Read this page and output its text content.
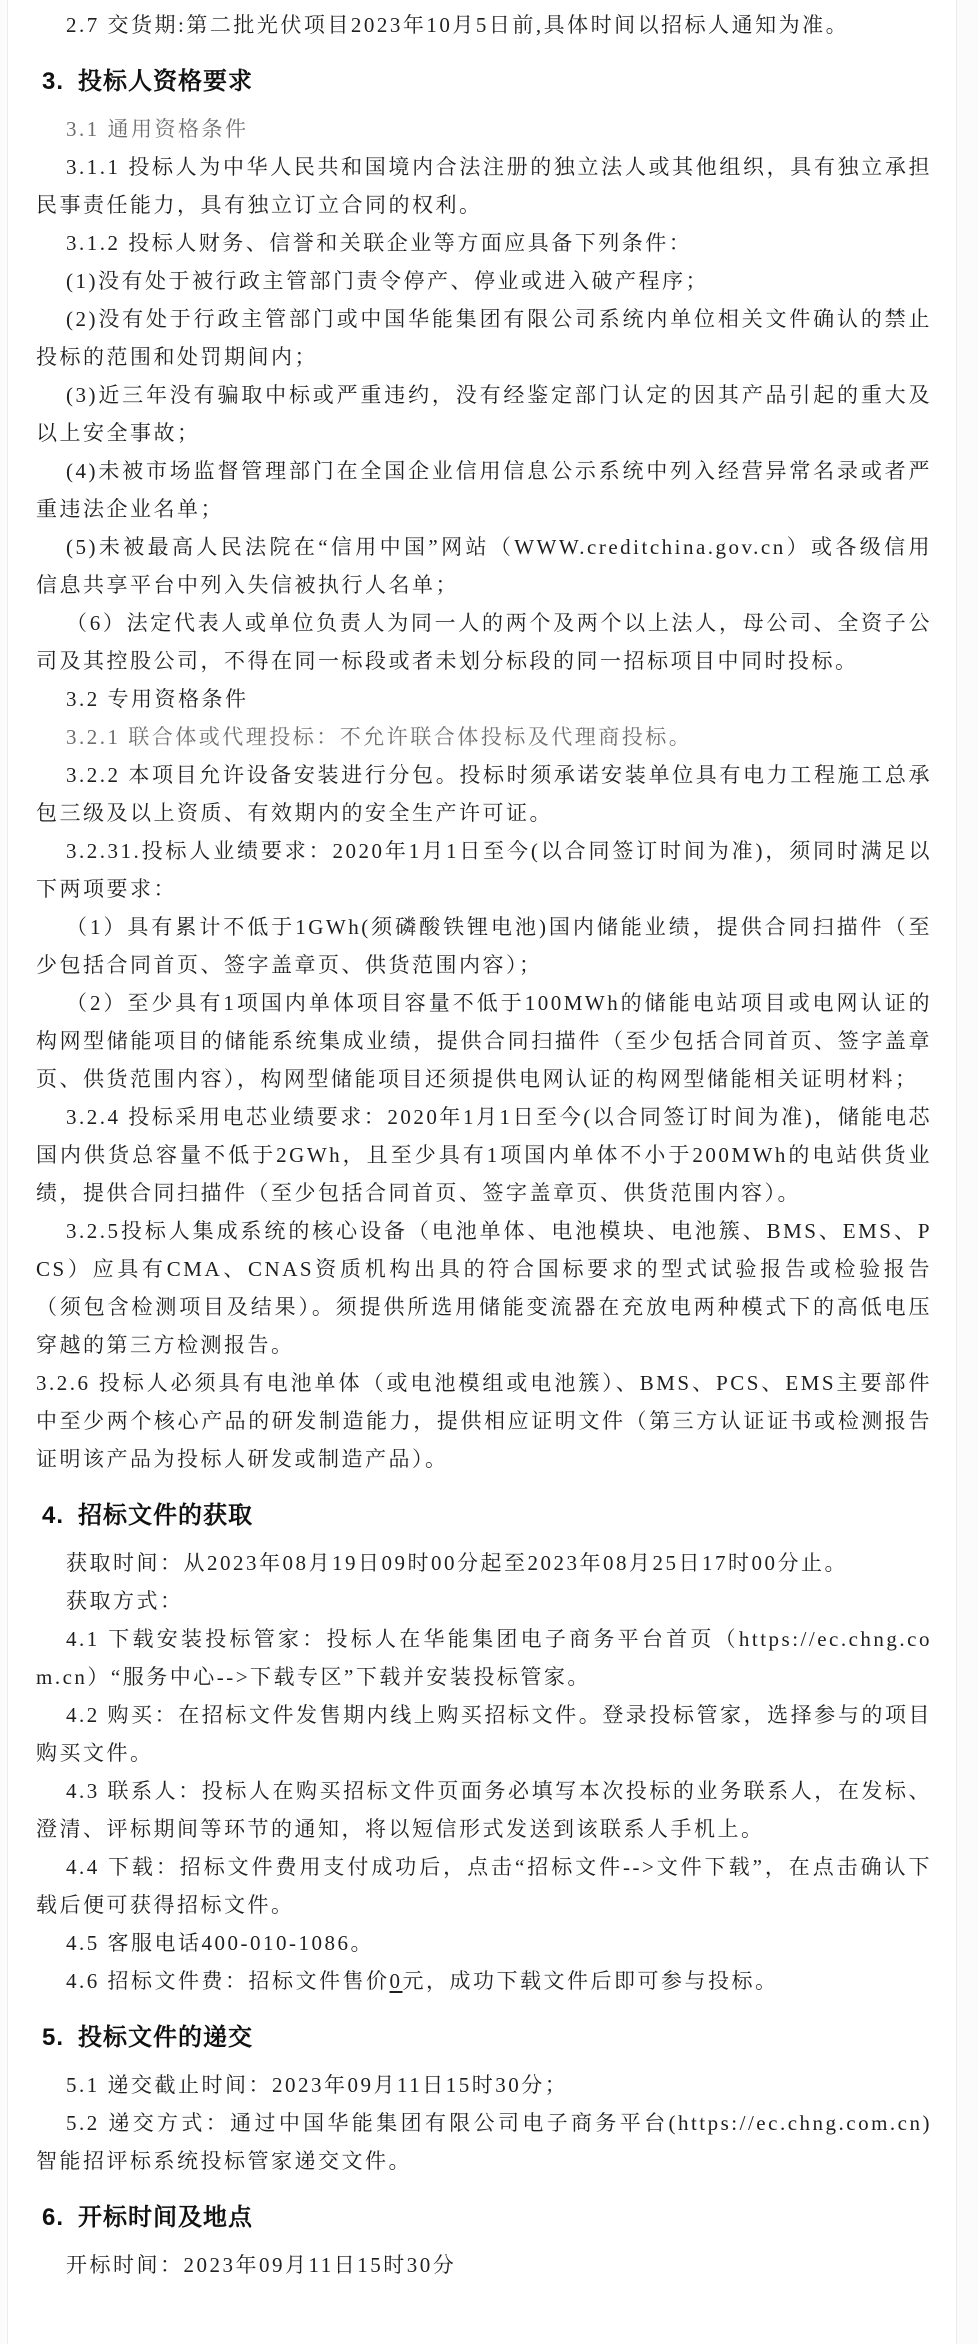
2.7 交货期:第二批光伏项目2023年10月5日前,具体时间以招标人通知为准。

3. 投标人资格要求

3.1 通用资格条件

3.1.1 投标人为中华人民共和国境内合法注册的独立法人或其他组织，具有独立承担民事责任能力，具有独立订立合同的权利。

3.1.2 投标人财务、信誉和关联企业等方面应具备下列条件：

(1)没有处于被行政主管部门责令停产、停业或进入破产程序；

(2)没有处于行政主管部门或中国华能集团有限公司系统内单位相关文件确认的禁止投标的范围和处罚期间内；

(3)近三年没有骗取中标或严重违约，没有经鉴定部门认定的因其产品引起的重大及以上安全事故；

(4)未被市场监督管理部门在全国企业信用信息公示系统中列入经营异常名录或者严重违法企业名单；

(5)未被最高人民法院在“信用中国”网站（WWW.creditchina.gov.cn）或各级信用信息共享平台中列入失信被执行人名单；

（6）法定代表人或单位负责人为同一人的两个及两个以上法人，母公司、全资子公司及其控股公司，不得在同一标段或者未划分标段的同一招标项目中同时投标。

3.2 专用资格条件

3.2.1 联合体或代理投标：不允许联合体投标及代理商投标。

3.2.2 本项目允许设备安装进行分包。投标时须承诺安装单位具有电力工程施工总承包三级及以上资质、有效期内的安全生产许可证。

3.2.31.投标人业绩要求：2020年1月1日至今(以合同签订时间为准)，须同时满足以下两项要求：

（1）具有累计不低于1GWh(须磷酸铁锂电池)国内储能业绩，提供合同扫描件（至少包括合同首页、签字盖章页、供货范围内容）；

（2）至少具有1项国内单体项目容量不低于100MWh的储能电站项目或电网认证的构网型储能项目的储能系统集成业绩，提供合同扫描件（至少包括合同首页、签字盖章页、供货范围内容），构网型储能项目还须提供电网认证的构网型储能相关证明材料；

3.2.4 投标采用电芯业绩要求：2020年1月1日至今(以合同签订时间为准)，储能电芯国内供货总容量不低于2GWh，且至少具有1项国内单体不小于200MWh的电站供货业绩，提供合同扫描件（至少包括合同首页、签字盖章页、供货范围内容）。

3.2.5投标人集成系统的核心设备（电池单体、电池模块、电池簇、BMS、EMS、PCS）应具有CMA、CNAS资质机构出具的符合国标要求的型式试验报告或检验报告（须包含检测项目及结果）。须提供所选用储能变流器在充放电两种模式下的高低电压穿越的第三方检测报告。

3.2.6 投标人必须具有电池单体（或电池模组或电池簇）、BMS、PCS、EMS主要部件中至少两个核心产品的研发制造能力，提供相应证明文件（第三方认证证书或检测报告证明该产品为投标人研发或制造产品）。

4. 招标文件的获取

获取时间：从2023年08月19日09时00分起至2023年08月25日17时00分止。

获取方式：

4.1 下载安装投标管家：投标人在华能集团电子商务平台首页（https://ec.chng.com.cn）“服务中心-->下载专区”下载并安装投标管家。

4.2 购买：在招标文件发售期内线上购买招标文件。登录投标管家，选择参与的项目购买文件。

4.3 联系人：投标人在购买招标文件页面务必填写本次投标的业务联系人，在发标、澄清、评标期间等环节的通知，将以短信形式发送到该联系人手机上。

4.4 下载：招标文件费用支付成功后，点击“招标文件-->文件下载”，在点击确认下载后便可获得招标文件。

4.5 客服电话400-010-1086。

4.6 招标文件费：招标文件售价0元，成功下载文件后即可参与投标。

5. 投标文件的递交

5.1 递交截止时间：2023年09月11日15时30分；

5.2 递交方式：通过中国华能集团有限公司电子商务平台(https://ec.chng.com.cn)智能招评标系统投标管家递交文件。

6. 开标时间及地点

开标时间：2023年09月11日15时30分
